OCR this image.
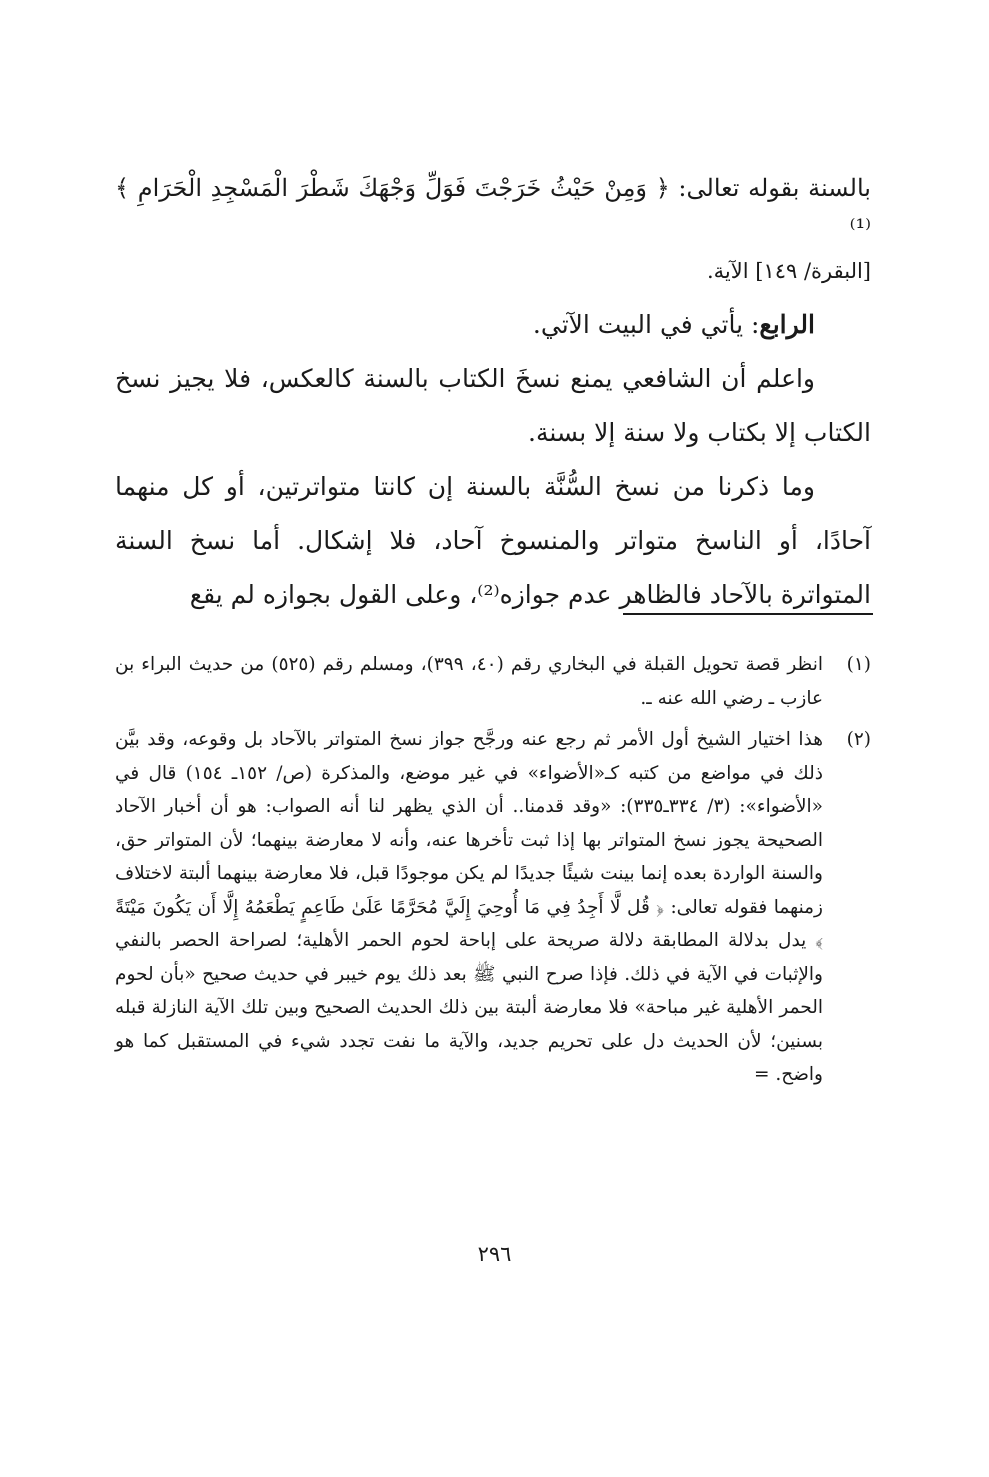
بالسنة بقوله تعالى: ﴿ وَمِنْ حَيْثُ خَرَجْتَ فَوَلِّ وَجْهَكَ شَطْرَ الْمَسْجِدِ الْحَرَامِ ﴾⁽¹⁾

[البقرة/ ١٤٩] الآية.

الرابع: يأتي في البيت الآتي.

واعلم أن الشافعي يمنع نسخَ الكتاب بالسنة كالعكس، فلا يجيز نسخ الكتاب إلا بكتاب ولا سنة إلا بسنة.

وما ذكرنا من نسخ السُّنَّة بالسنة إن كانتا متواترتين، أو كل منهما آحادًا، أو الناسخ متواتر والمنسوخ آحاد، فلا إشكال. أما نسخ السنة المتواترة بالآحاد فالظاهر عدم جوازه⁽²⁾، وعلى القول بجوازه لم يقع

(١)
انظر قصة تحويل القبلة في البخاري رقم (٤٠، ٣٩٩)، ومسلم رقم (٥٢٥) من حديث البراء بن عازب ـ رضي الله عنه ـ.
(٢)
هذا اختيار الشيخ أول الأمر ثم رجع عنه ورجَّح جواز نسخ المتواتر بالآحاد بل وقوعه، وقد بيَّن ذلك في مواضع من كتبه كـ«الأضواء» في غير موضع، والمذكرة (ص/ ١٥٢ـ ١٥٤) قال في «الأضواء»: (٣/ ٣٣٤ـ٣٣٥): «وقد قدمنا.. أن الذي يظهر لنا أنه الصواب: هو أن أخبار الآحاد الصحيحة يجوز نسخ المتواتر بها إذا ثبت تأخرها عنه، وأنه لا معارضة بينهما؛ لأن المتواتر حق، والسنة الواردة بعده إنما بينت شيئًا جديدًا لم يكن موجودًا قبل، فلا معارضة بينهما ألبتة لاختلاف زمنهما فقوله تعالى: ﴿ قُل لَّا أَجِدُ فِي مَا أُوحِيَ إِلَيَّ مُحَرَّمًا عَلَىٰ طَاعِمٍ يَطْعَمُهُ إِلَّا أَن يَكُونَ مَيْتَةً ﴾ يدل بدلالة المطابقة دلالة صريحة على إباحة لحوم الحمر الأهلية؛ لصراحة الحصر بالنفي والإثبات في الآية في ذلك. فإذا صرح النبي ﷺ بعد ذلك يوم خيبر في حديث صحيح «بأن لحوم الحمر الأهلية غير مباحة» فلا معارضة ألبتة بين ذلك الحديث الصحيح وبين تلك الآية النازلة قبله بسنين؛ لأن الحديث دل على تحريم جديد، والآية ما نفت تجدد شيء في المستقبل كما هو واضح. =
٢٩٦
